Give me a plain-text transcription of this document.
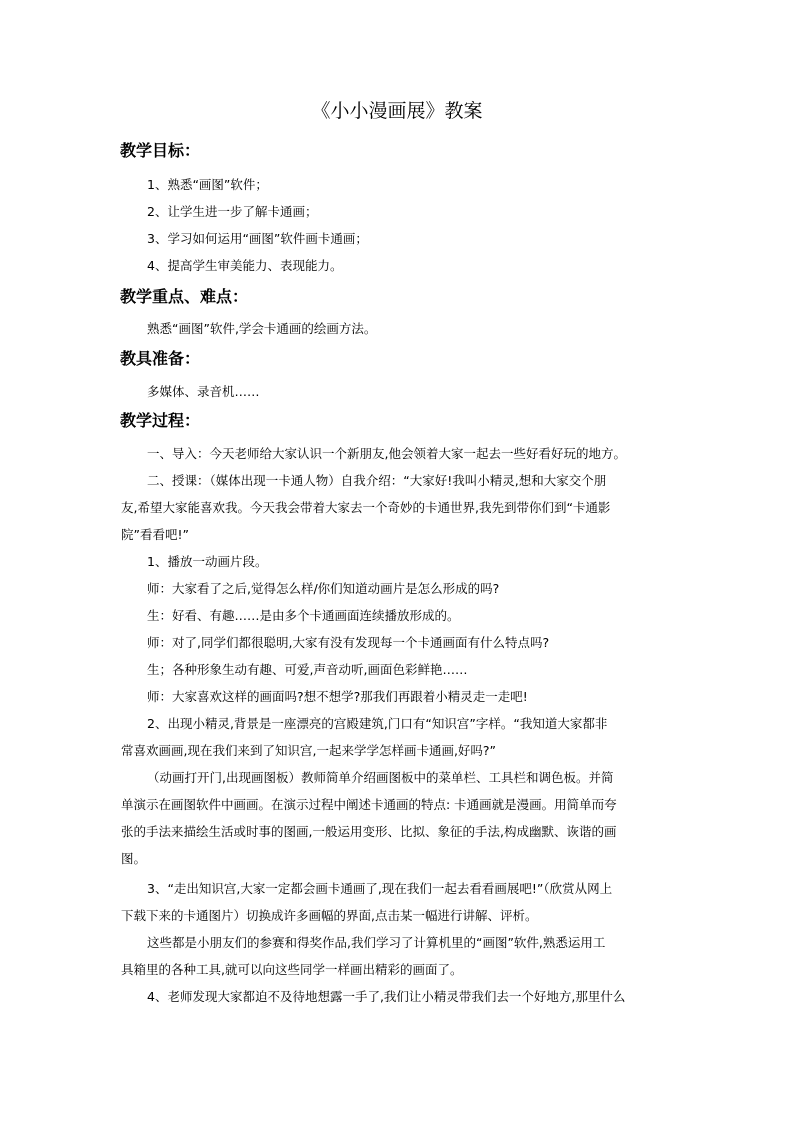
《小小漫画展》教案
教学目标：
1、熟悉“画图”软件；
2、让学生进一步了解卡通画；
3、学习如何运用“画图”软件画卡通画；
4、提高学生审美能力、表现能力。
教学重点、难点：
熟悉“画图”软件,学会卡通画的绘画方法。
教具准备：
多媒体、录音机……
教学过程：
一、导入：今天老师给大家认识一个新朋友,他会领着大家一起去一些好看好玩的地方。
二、授课：（媒体出现一卡通人物）自我介绍：“大家好!我叫小精灵,想和大家交个朋
友,希望大家能喜欢我。今天我会带着大家去一个奇妙的卡通世界,我先到带你们到“卡通影
院”看看吧!”
1、播放一动画片段。
师：大家看了之后,觉得怎么样/你们知道动画片是怎么形成的吗?
生：好看、有趣……是由多个卡通画面连续播放形成的。
师：对了,同学们都很聪明,大家有没有发现每一个卡通画面有什么特点吗?
生；各种形象生动有趣、可爱,声音动听,画面色彩鲜艳……
师：大家喜欢这样的画面吗?想不想学?那我们再跟着小精灵走一走吧!
2、出现小精灵,背景是一座漂亮的宫殿建筑,门口有“知识宫”字样。“我知道大家都非
常喜欢画画,现在我们来到了知识宫,一起来学学怎样画卡通画,好吗?”
（动画打开门,出现画图板）教师简单介绍画图板中的菜单栏、工具栏和调色板。并简
单演示在画图软件中画画。在演示过程中阐述卡通画的特点: 卡通画就是漫画。用简单而夸
张的手法来描绘生活或时事的图画,一般运用变形、比拟、象征的手法,构成幽默、诙谐的画
图。
3、“走出知识宫,大家一定都会画卡通画了,现在我们一起去看看画展吧!”（欣赏从网上
下载下来的卡通图片）切换成许多画幅的界面,点击某一幅进行讲解、评析。
这些都是小朋友们的参赛和得奖作品,我们学习了计算机里的“画图”软件,熟悉运用工
具箱里的各种工具,就可以向这些同学一样画出精彩的画面了。
4、老师发现大家都迫不及待地想露一手了,我们让小精灵带我们去一个好地方,那里什么
